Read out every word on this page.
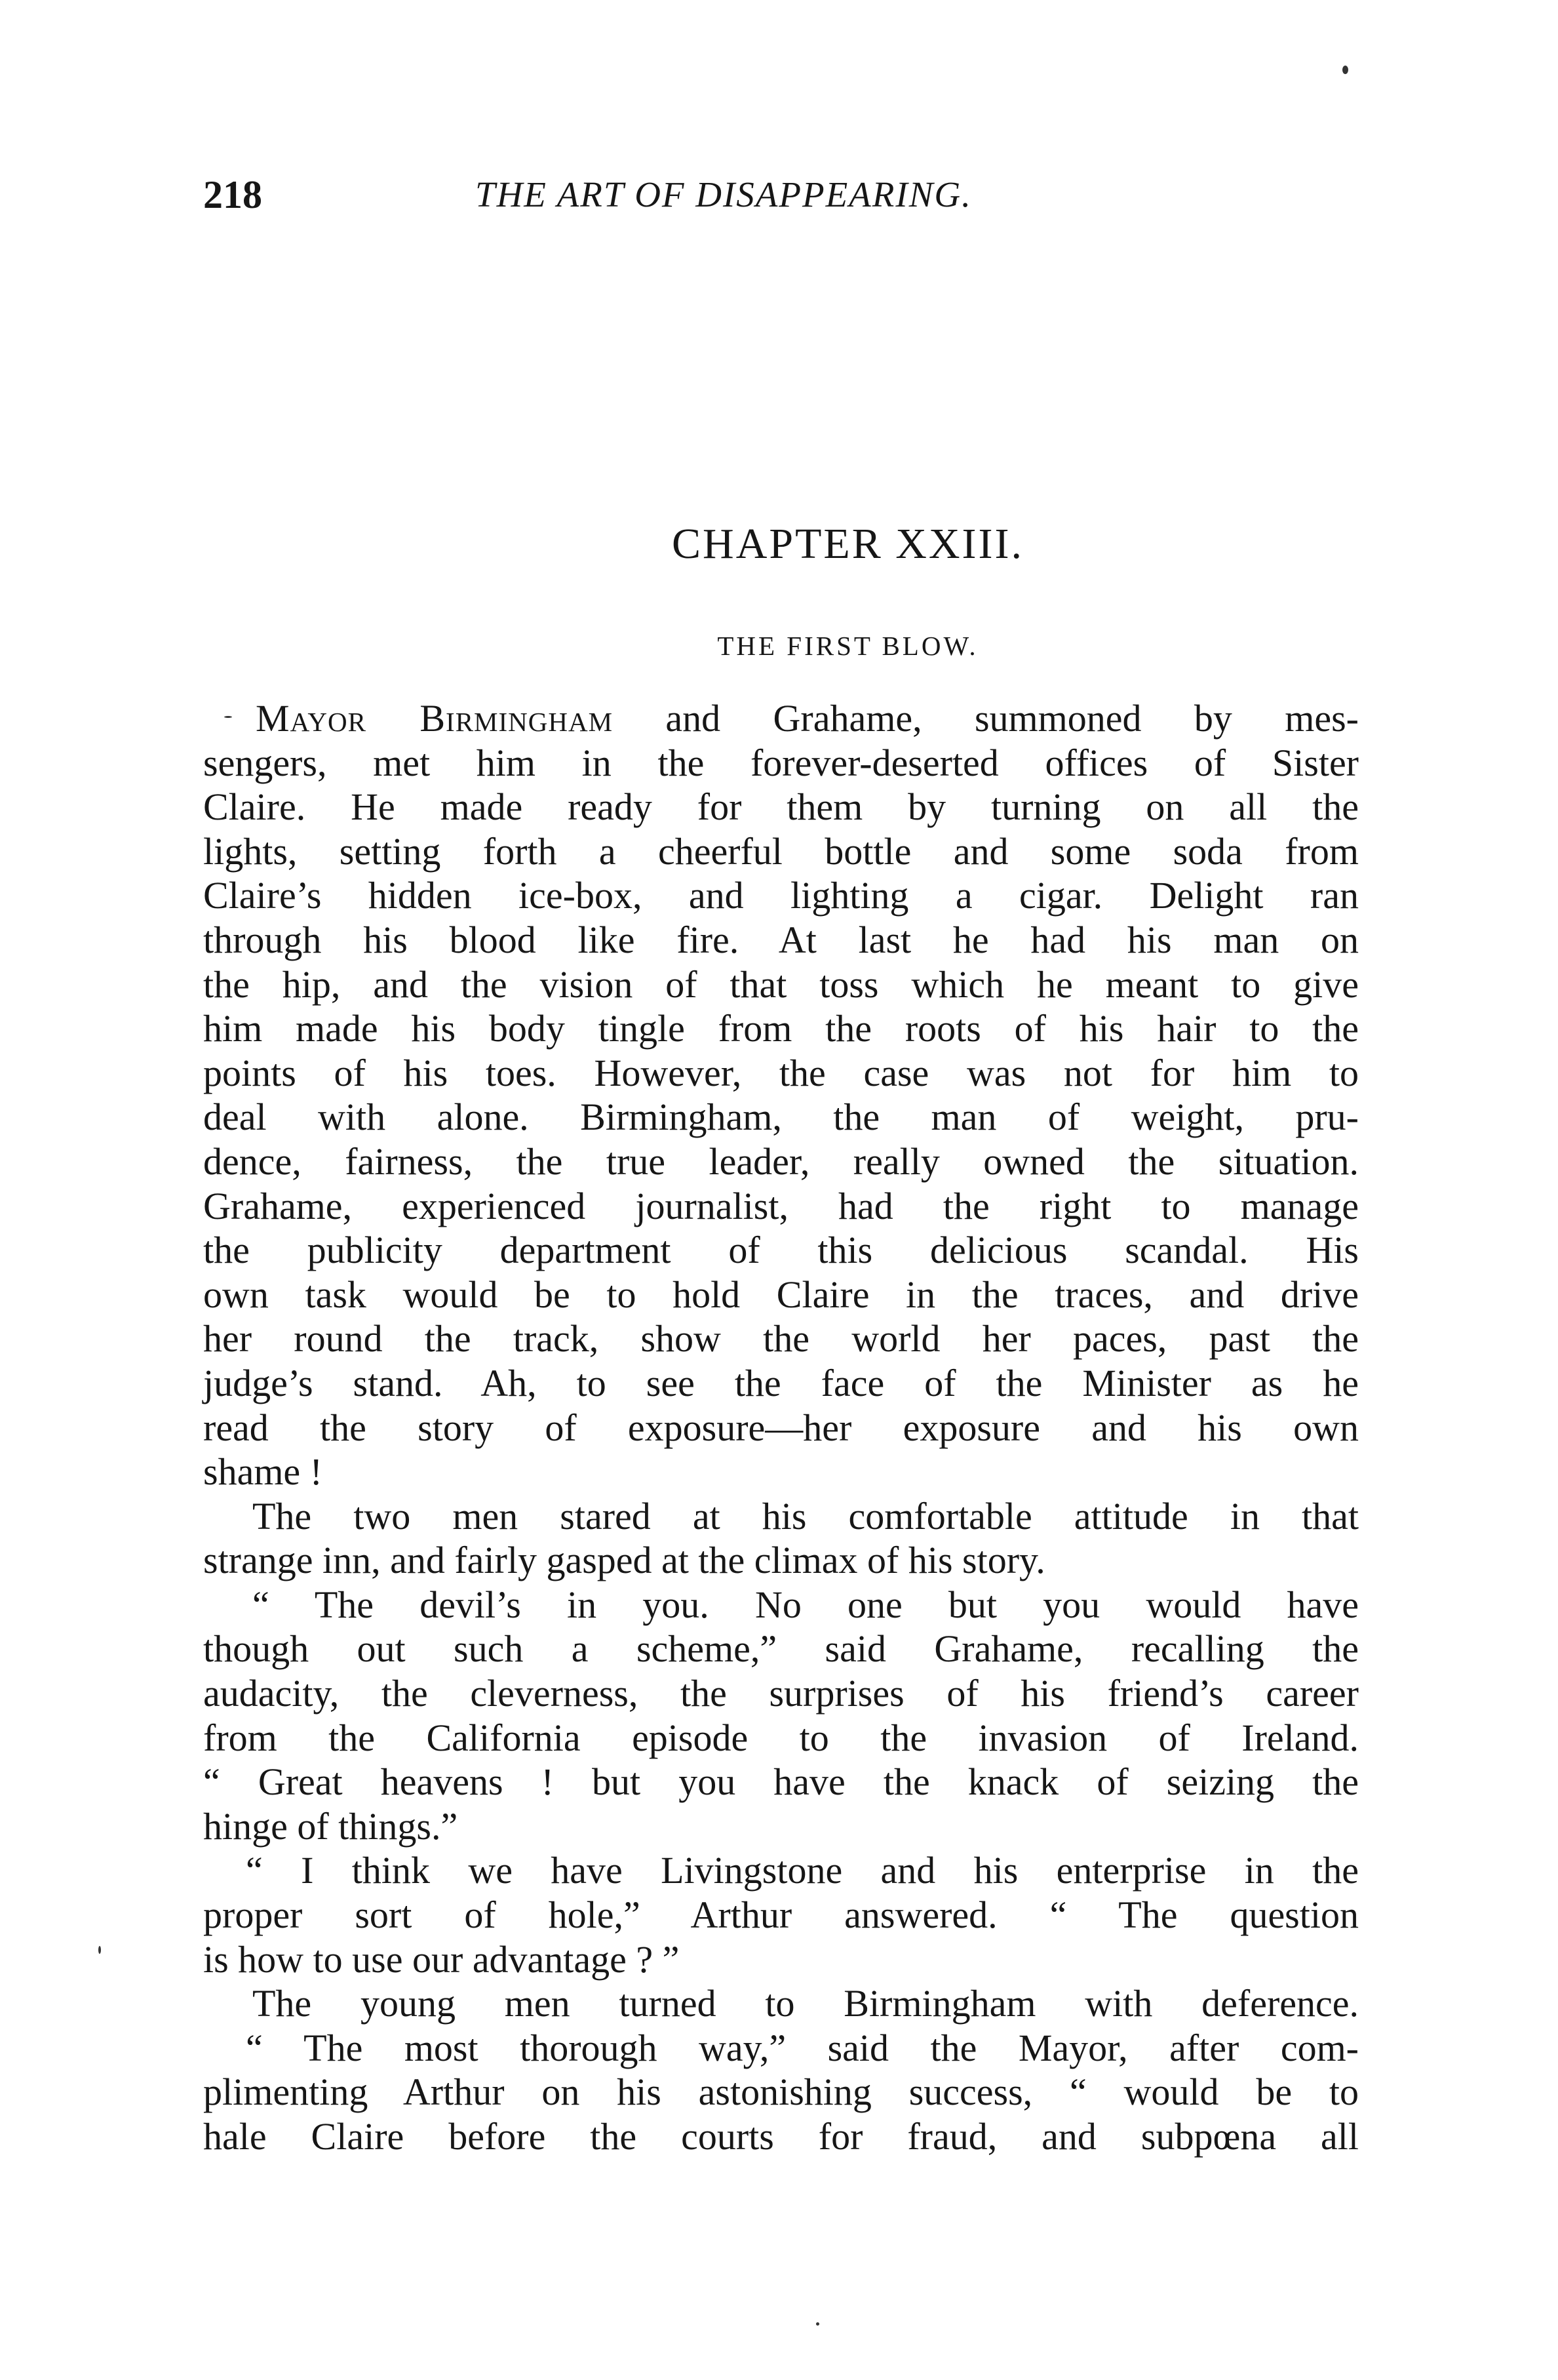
218	THE ART OF DISAPPEARING.
CHAPTER XXIII.
THE FIRST BLOW.
Mayor Birmingham and Grahame, summoned by mes-
sengers, met him in the forever-deserted offices of Sister
Claire. He made ready for them by turning on all the
lights, setting forth a cheerful bottle and some soda from
Claire’s hidden ice-box, and lighting a cigar. Delight ran
through his blood like fire. At last he had his man on
the hip, and the vision of that toss which he meant to give
him made his body tingle from the roots of his hair to the
points of his toes. However, the case was not for him to
deal with alone. Birmingham, the man of weight, pru-
dence, fairness, the true leader, really owned the situation.
Grahame, experienced journalist, had the right to manage
the publicity department of this delicious scandal. His
own task would be to hold Claire in the traces, and drive
her round the track, show the world her paces, past the
judge’s stand. Ah, to see the face of the Minister as he
read the story of exposure—her exposure and his own
shame !
The two men stared at his comfortable attitude in that
strange inn, and fairly gasped at the climax of his story.
“ The devil’s in you. No one but you would have
though out such a scheme,” said Grahame, recalling the
audacity, the cleverness, the surprises of his friend’s career
from the California episode to the invasion of Ireland.
“ Great heavens ! but you have the knack of seizing the
hinge of things.”
“ I think we have Livingstone and his enterprise in the
proper sort of hole,” Arthur answered. “ The question
is how to use our advantage ? ”
The young men turned to Birmingham with deference.
“ The most thorough way,” said the Mayor, after com-
plimenting Arthur on his astonishing success, “ would be to
hale Claire before the courts for fraud, and subpœna all
